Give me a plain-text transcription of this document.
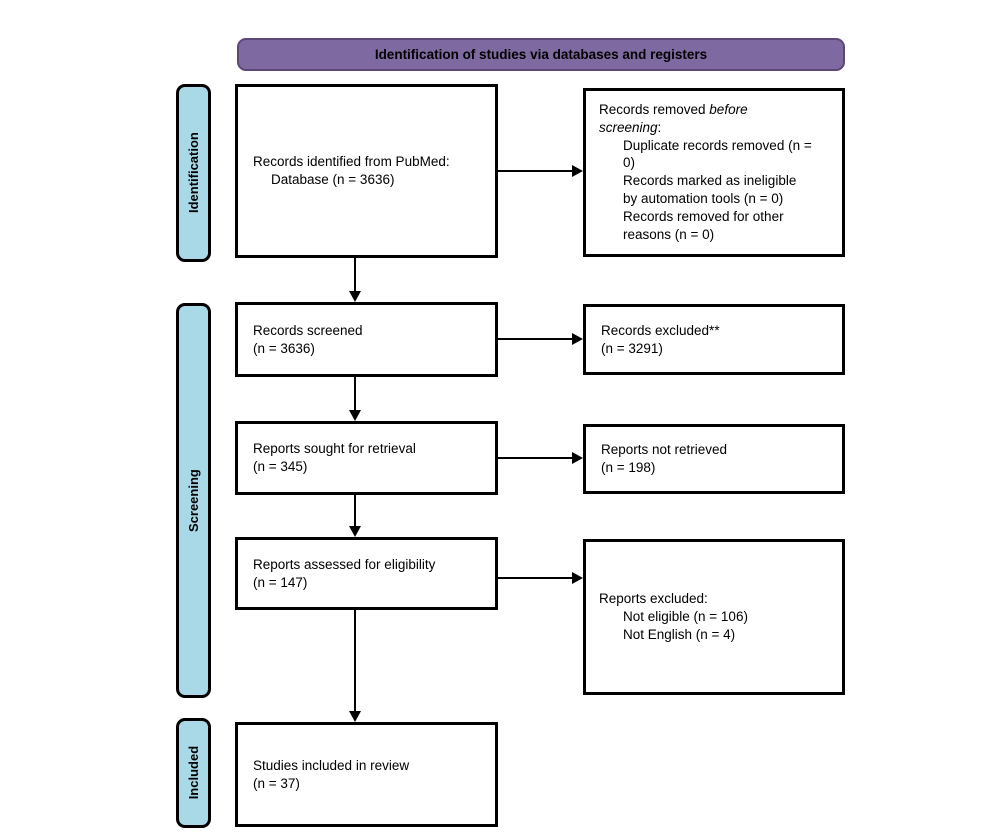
Identification of studies via databases and registers
Identification
Screening
Included
Records identified from PubMed:
Database (n = 3636)
Records removed before
screening:
Duplicate records removed (n = 0)
Records marked as ineligible by automation tools (n = 0)
Records removed for other reasons (n = 0)
Records screened
(n = 3636)
Records excluded**
(n = 3291)
Reports sought for retrieval
(n = 345)
Reports not retrieved
(n = 198)
Reports assessed for eligibility
(n = 147)
Reports excluded:
Not eligible (n = 106)
Not English (n = 4)
Studies included in review
(n = 37)
